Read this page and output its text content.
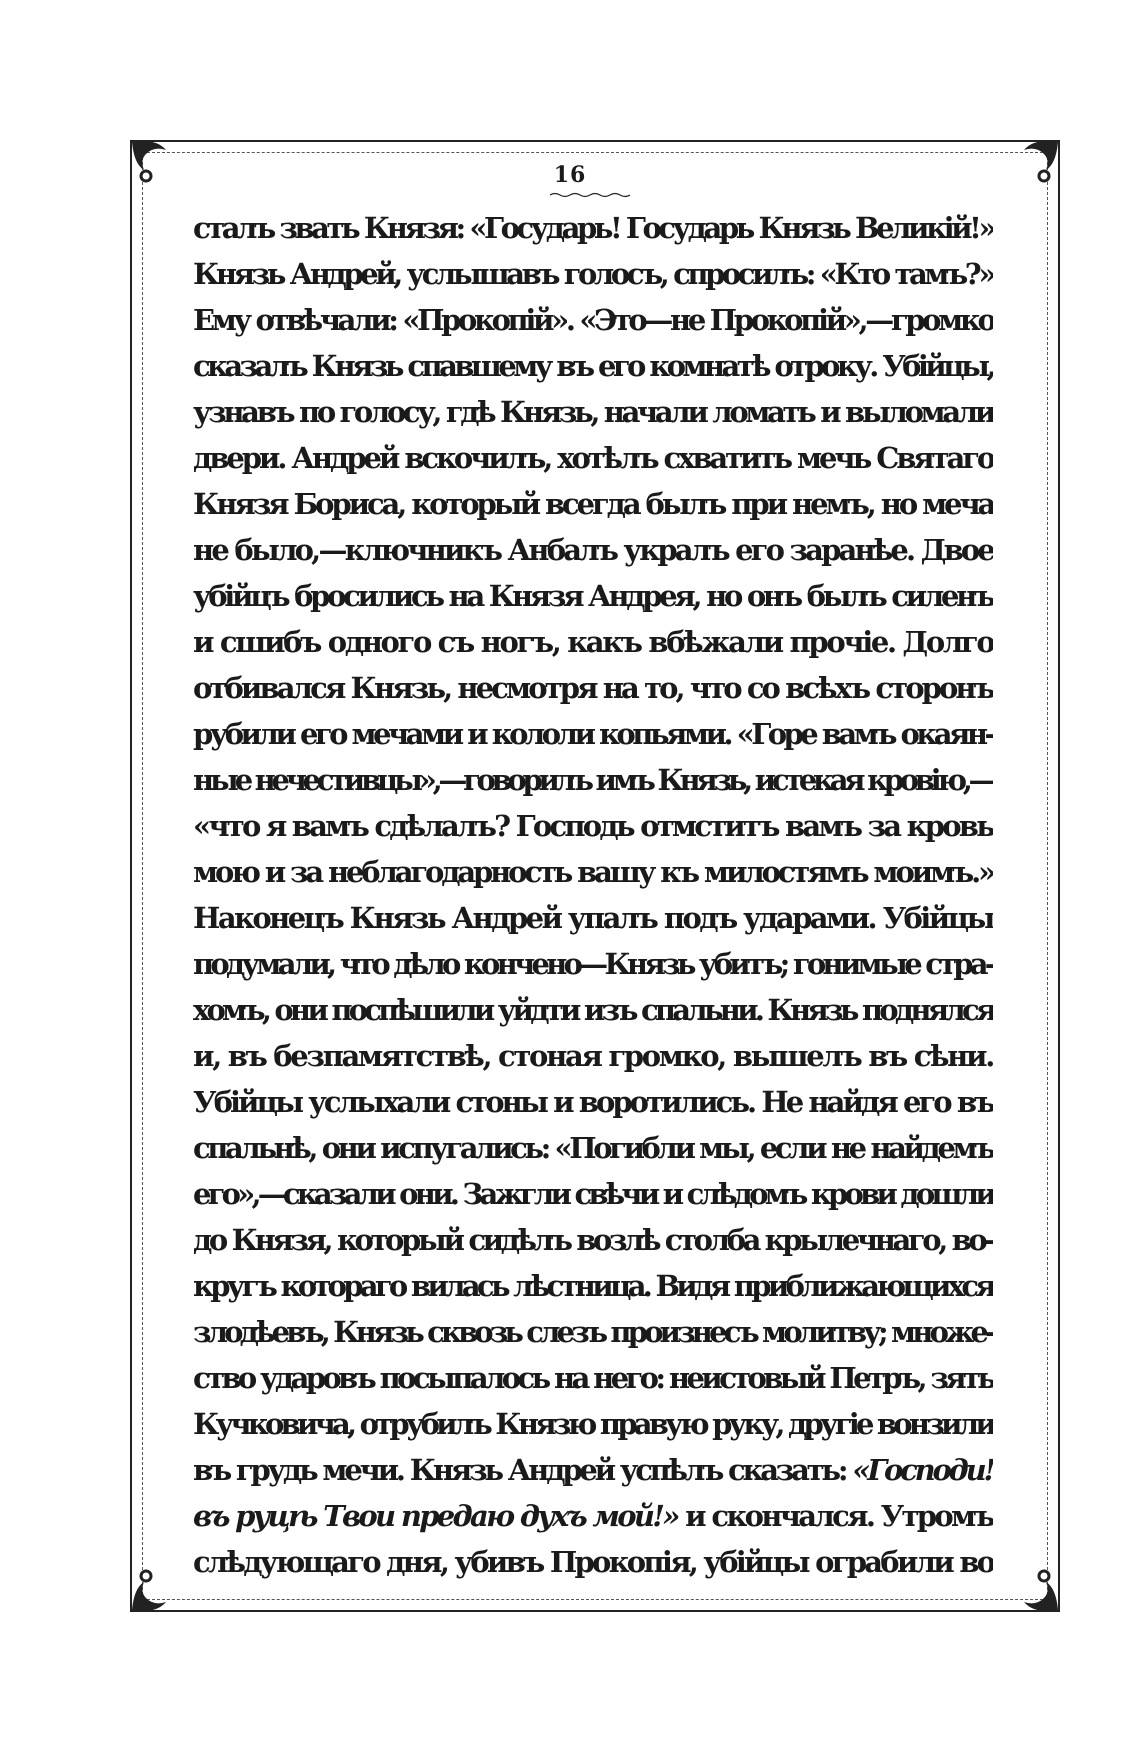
16
сталъ звать Князя: «Государь! Государь Князь Великій!»
Князь Андрей, услышавъ голосъ, спросилъ: «Кто тамъ?»
Ему отвѣчали: «Прокопій». «Это—не Прокопій»,—громко
сказалъ Князь спавшему въ его комнатѣ отроку. Убійцы,
узнавъ по голосу, гдѣ Князь, начали ломать и выломали
двери. Андрей вскочилъ, хотѣлъ схватить мечь Святаго
Князя Бориса, который всегда былъ при немъ, но меча
не было,—ключникъ Анбалъ укралъ его заранѣе. Двое
убійцъ бросились на Князя Андрея, но онъ былъ силенъ
и сшибъ одного съ ногъ, какъ вбѣжали прочіе. Долго
отбивался Князь, несмотря на то, что со всѣхъ сторонъ
рубили его мечами и кололи копьями. «Горе вамъ окаян-
ные нечестивцы»,—говорилъ имъ Князь, истекая кровію,—
«что я вамъ сдѣлалъ? Господь отмститъ вамъ за кровь
мою и за неблагодарность вашу къ милостямъ моимъ.»
Наконецъ Князь Андрей упалъ подъ ударами. Убійцы
подумали, что дѣло кончено—Князь убитъ; гонимые стра-
хомъ, они поспѣшили уйдти изъ спальни. Князь поднялся
и, въ безпамятствѣ, стоная громко, вышелъ въ сѣни.
Убійцы услыхали стоны и воротились. Не найдя его въ
спальнѣ, они испугались: «Погибли мы, если не найдемъ
его»,—сказали они. Зажгли свѣчи и слѣдомъ крови дошли
до Князя, который сидѣлъ возлѣ столба крылечнаго, во-
кругъ котораго вилась лѣстница. Видя приближающихся
злодѣевъ, Князь сквозь слезъ произнесъ молитву; множе-
ство ударовъ посыпалось на него: неистовый Петръ, зять
Кучковича, отрубилъ Князю правую руку, другіе вонзили
въ грудь мечи. Князь Андрей успѣлъ сказать: «Господи!
въ руцѣ Твои предаю духъ мой!» и скончался. Утромъ
слѣдующаго дня, убивъ Прокопія, убійцы ограбили во
